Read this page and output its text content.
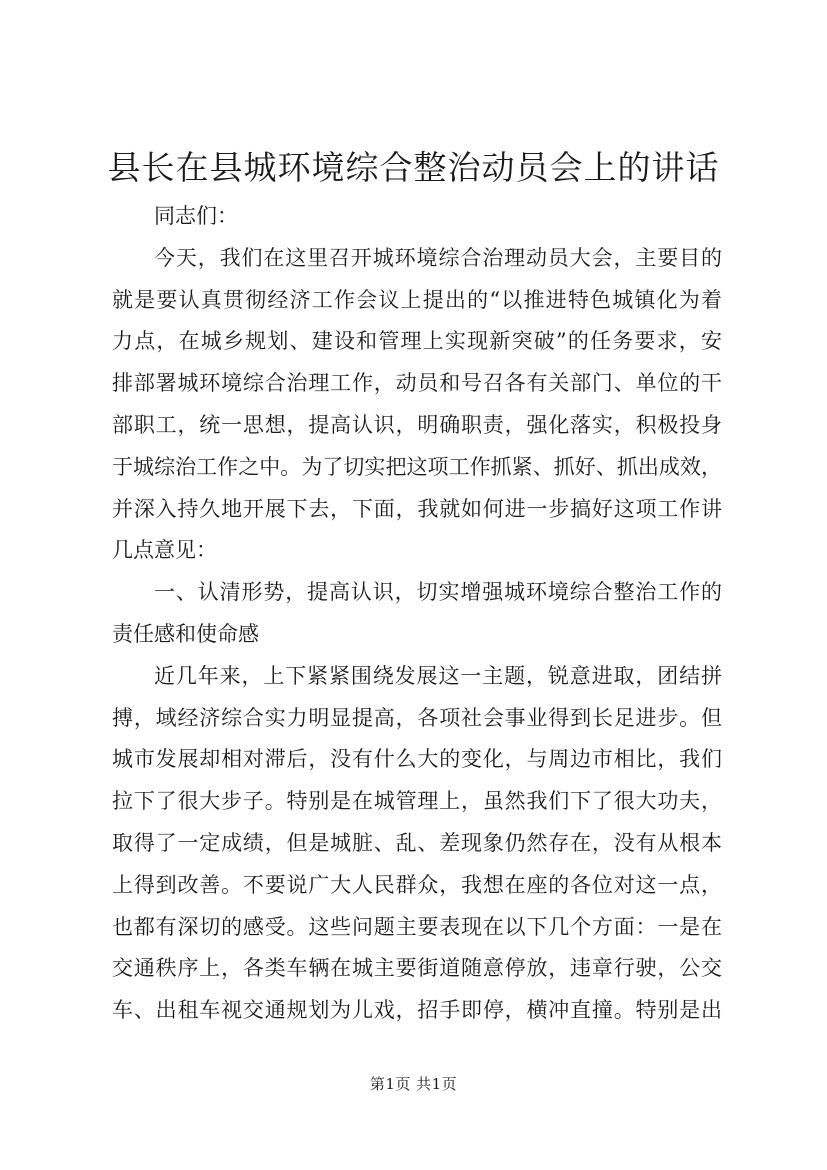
县长在县城环境综合整治动员会上的讲话
同志们：
今天，我们在这里召开城环境综合治理动员大会，主要目的
就是要认真贯彻经济工作会议上提出的“以推进特色城镇化为着
力点，在城乡规划、建设和管理上实现新突破”的任务要求，安
排部署城环境综合治理工作，动员和号召各有关部门、单位的干
部职工，统一思想，提高认识，明确职责，强化落实，积极投身
于城综治工作之中。为了切实把这项工作抓紧、抓好、抓出成效，
并深入持久地开展下去，下面，我就如何进一步搞好这项工作讲
几点意见：
一、认清形势，提高认识，切实增强城环境综合整治工作的
责任感和使命感
近几年来，上下紧紧围绕发展这一主题，锐意进取，团结拼
搏，域经济综合实力明显提高，各项社会事业得到长足进步。但
城市发展却相对滞后，没有什么大的变化，与周边市相比，我们
拉下了很大步子。特别是在城管理上，虽然我们下了很大功夫，
取得了一定成绩，但是城脏、乱、差现象仍然存在，没有从根本
上得到改善。不要说广大人民群众，我想在座的各位对这一点，
也都有深切的感受。这些问题主要表现在以下几个方面：一是在
交通秩序上，各类车辆在城主要街道随意停放，违章行驶，公交
车、出租车视交通规划为儿戏，招手即停，横冲直撞。特别是出
第1页 共1页
